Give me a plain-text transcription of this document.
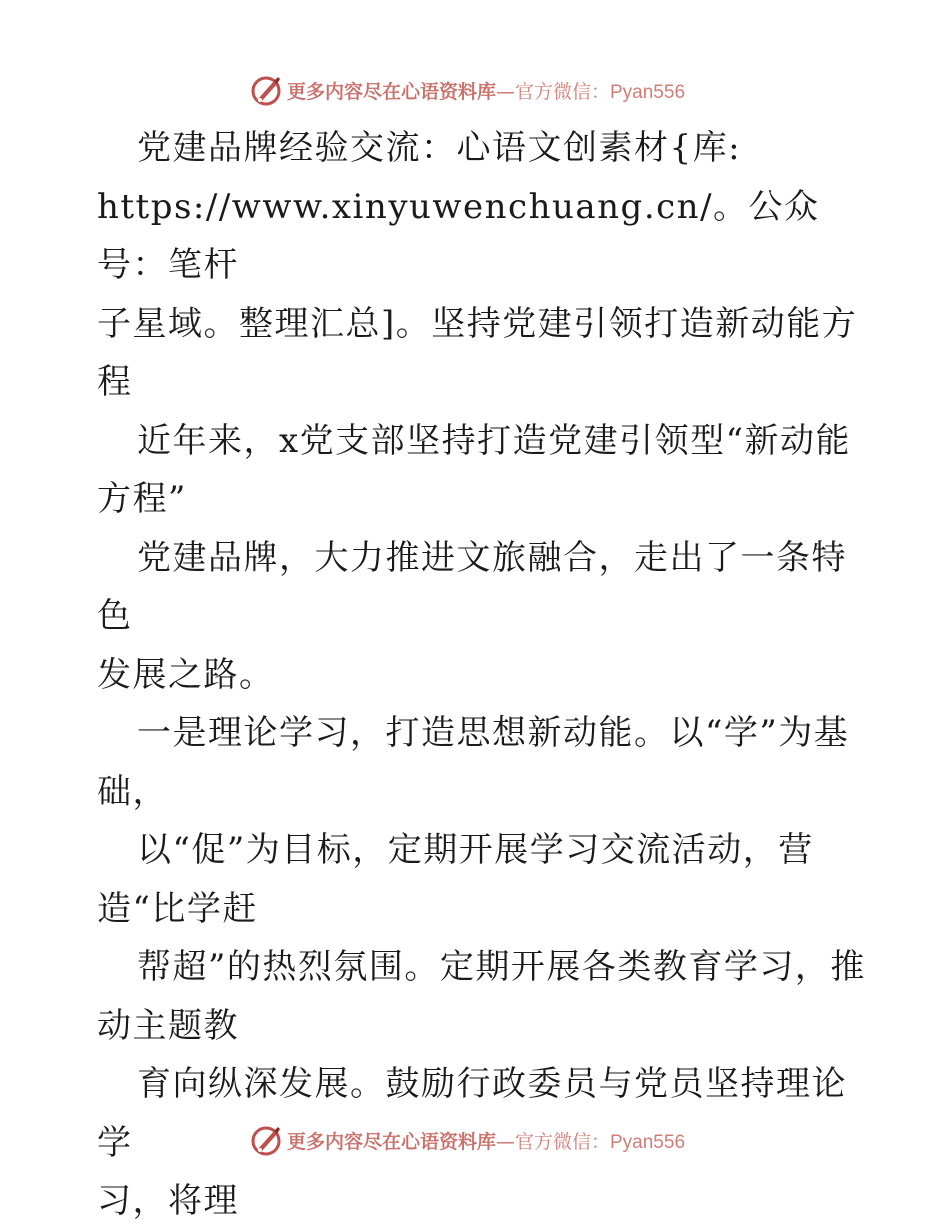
更多内容尽在心语资料库—官方微信：Pyan556

党建品牌经验交流：心语文创素材{库:

https://www.xinyuwenchuang.cn/。公众号：笔杆

子星域。整理汇总]。坚持党建引领打造新动能方

程

近年来，x党支部坚持打造党建引领型“新动能

方程”

党建品牌，大力推进文旅融合，走出了一条特色

发展之路。

一是理论学习，打造思想新动能。以“学”为基

础，

以“促”为目标，定期开展学习交流活动，营

造“比学赶

帮超”的热烈氛围。定期开展各类教育学习，推

动主题教

育向纵深发展。鼓励行政委员与党员坚持理论学

习，将理

更多内容尽在心语资料库—官方微信：Pyan556
